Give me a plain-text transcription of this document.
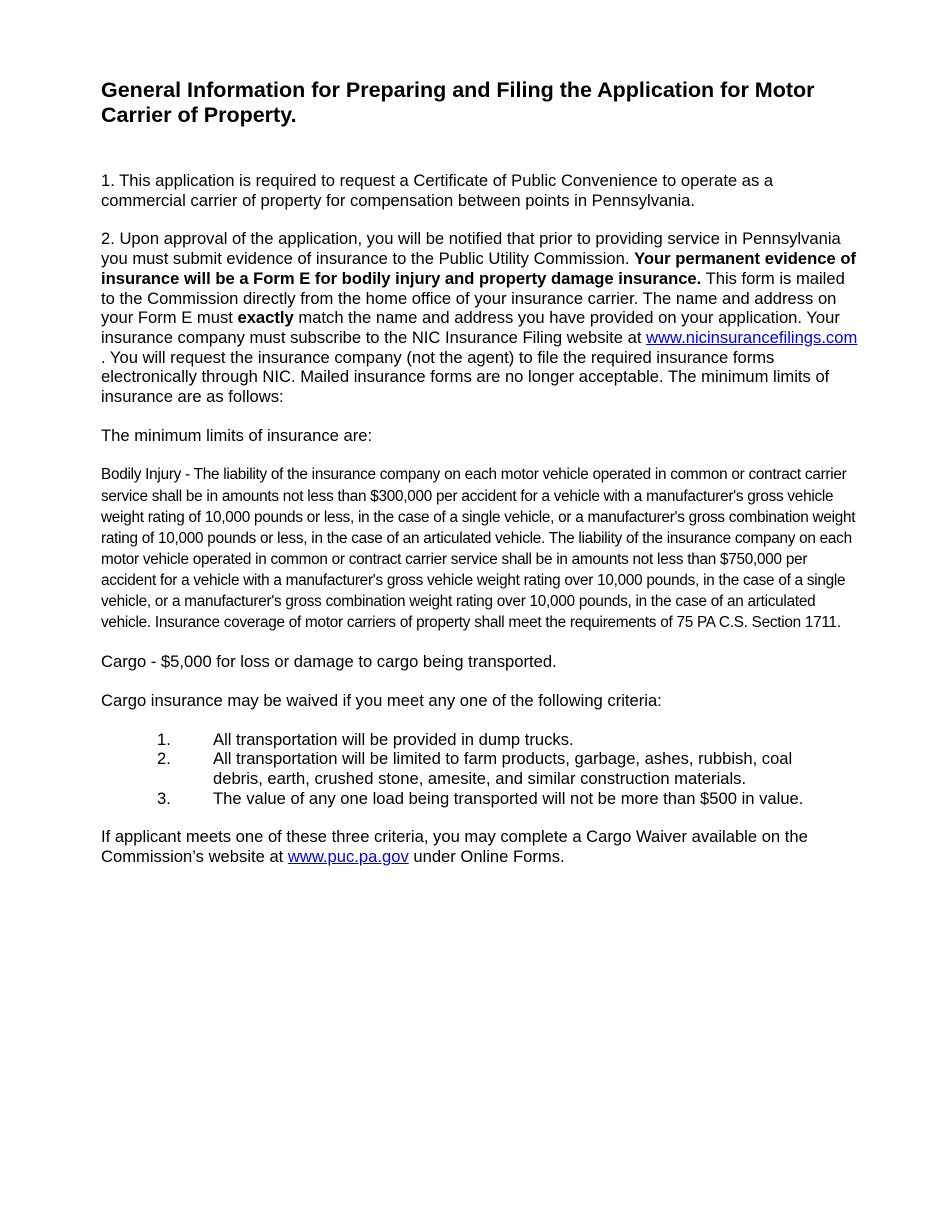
General Information for Preparing and Filing the Application for Motor Carrier of Property.

1. This application is required to request a Certificate of Public Convenience to operate as a commercial carrier of property for compensation between points in Pennsylvania.

2. Upon approval of the application, you will be notified that prior to providing service in Pennsylvania you must submit evidence of insurance to the Public Utility Commission. Your permanent evidence of insurance will be a Form E for bodily injury and property damage insurance. This form is mailed to the Commission directly from the home office of your insurance carrier. The name and address on your Form E must exactly match the name and address you have provided on your application. Your insurance company must subscribe to the NIC Insurance Filing website at www.nicinsurancefilings.com . You will request the insurance company (not the agent) to file the required insurance forms electronically through NIC. Mailed insurance forms are no longer acceptable. The minimum limits of insurance are as follows:

The minimum limits of insurance are:

Bodily Injury - The liability of the insurance company on each motor vehicle operated in common or contract carrier service shall be in amounts not less than $300,000 per accident for a vehicle with a manufacturer's gross vehicle weight rating of 10,000 pounds or less, in the case of a single vehicle, or a manufacturer's gross combination weight rating of 10,000 pounds or less, in the case of an articulated vehicle. The liability of the insurance company on each motor vehicle operated in common or contract carrier service shall be in amounts not less than $750,000 per accident for a vehicle with a manufacturer's gross vehicle weight rating over 10,000 pounds, in the case of a single vehicle, or a manufacturer's gross combination weight rating over 10,000 pounds, in the case of an articulated vehicle. Insurance coverage of motor carriers of property shall meet the requirements of 75 PA C.S. Section 1711.

Cargo - $5,000 for loss or damage to cargo being transported.

Cargo insurance may be waived if you meet any one of the following criteria:

1.	All transportation will be provided in dump trucks.
2.	All transportation will be limited to farm products, garbage, ashes, rubbish, coal debris, earth, crushed stone, amesite, and similar construction materials.
3.	The value of any one load being transported will not be more than $500 in value.

If applicant meets one of these three criteria, you may complete a Cargo Waiver available on the Commission’s website at www.puc.pa.gov under Online Forms.
